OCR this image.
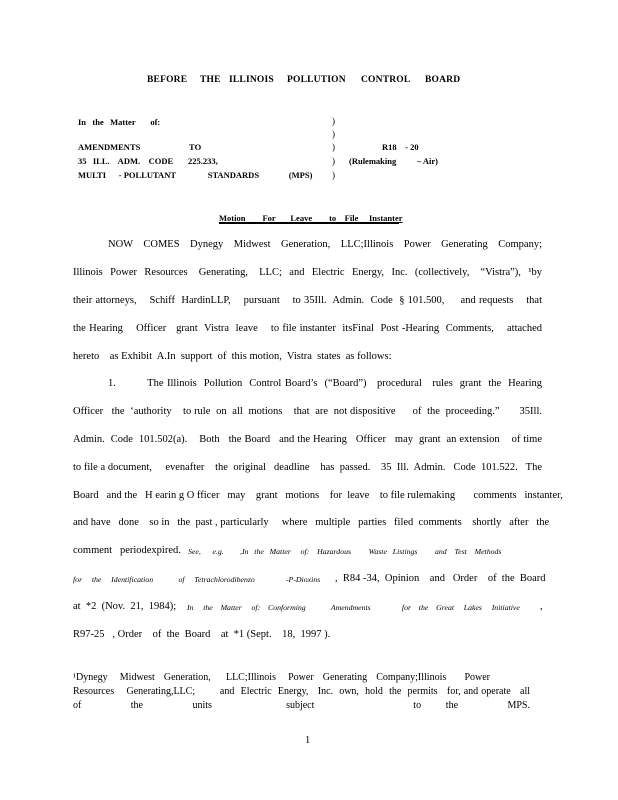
BEFORE THE ILLINOIS POLLUTION CONTROL BOARD
In   the   Matter       of:
AMENDMENTS                       TO
35   ILL.    ADM.    CODE       225.233,
MULTI      - POLLUTANT               STANDARDS              (MPS)
)
)
)
)
)
R18    - 20
(Rulemaking – Air)
Motion        For       Leave        to    File     Instanter
NOW   COMES   Dynegy   Midwest   Generation,   LLC;Illinois   Power   Generating   Company;
Illinois  Power  Resources   Generating,   LLC;  and  Electric  Energy,  Inc.  (collectively,   “Vistra”),  ¹by
their attorneys,    Schiff  HardinLLP,    pursuant    to 35Ill.  Admin.  Code  § 101.500,     and requests    that
the Hearing    Officer   grant  Vistra  leave    to file instanter  itsFinal  Post -Hearing  Comments,    attached
hereto    as Exhibit  A.In  support  of  this motion,  Vistra  states  as follows:
1.         The Illinois  Pollution  Control Board’s  (“Board”)   procedural   rules  grant  the  Hearing
Officer   the  ‘authority    to rule  on  all  motions    that  are  not dispositive      of  the  proceeding.”       35Ill.
Admin.  Code  101.502(a).    Both   the Board   and the Hearing   Officer   may  grant  an extension    of time
to file a document,     evenafter    the  original   deadline    has  passed.    35  Ill.  Admin.   Code  101.522.   The
Board   and the   H earin g O fficer   may    grant   motions    for  leave    to file rulemaking       comments   instanter,
and have   done    so in   the  past , particularly     where   multiple   parties   filed  comments    shortly   after   the
comment   periodexpired. See,      e.g. ,In   the   Matter     of:    Hazardous         Waste   Listings         and    Test    Methods
for     the     Identification             of     Tetrachlorodibenzo                -P-Dioxins ,  R84 -34,  Opinion    and   Order    of  the  Board
at  *2  (Nov.  21,  1984); In     the    Matter     of:    Conforming             Amendments                for    the    Great     Lakes     Initiative ,
R97-25   , Order    of  the  Board    at  *1 (Sept.    18,  1997 ).
¹Dynegy    Midwest   Generation,     LLC;Illinois    Power   Generating   Company;Illinois      Power
Resources    Generating,LLC;        and  Electric  Energy,   Inc.  own,  hold  the  permits   for, and operate   all
of  the  units   subject    to the  MPS.
1
